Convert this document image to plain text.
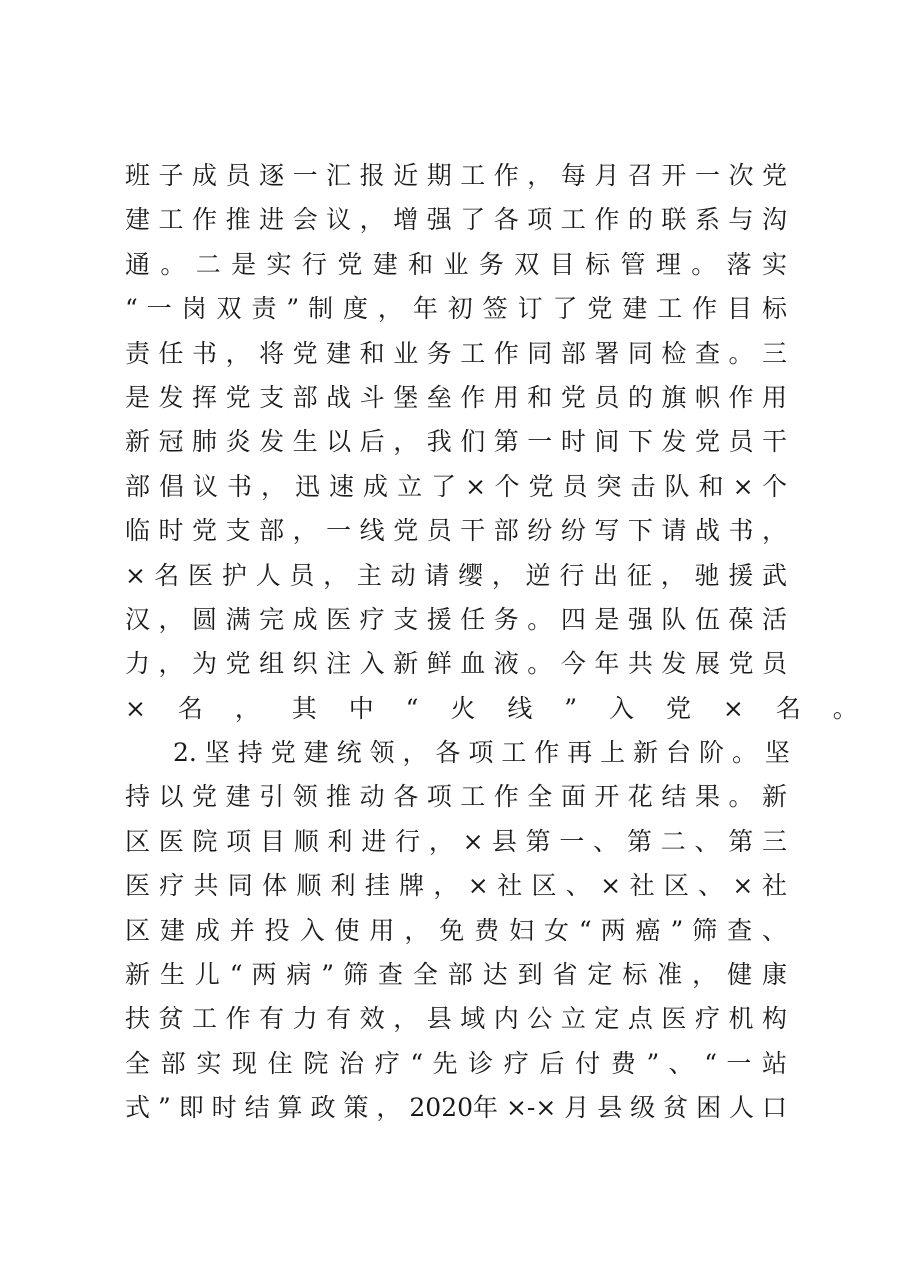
班 子 成 员 逐 一 汇 报 近 期 工 作 ， 每 月 召 开 一 次 党
建 工 作 推 进 会 议 ， 增 强 了 各 项 工 作 的 联 系 与 沟
通 。 二 是 实 行 党 建 和 业 务 双 目 标 管 理 。 落 实
“ 一 岗 双 责 ” 制 度 ， 年 初 签 订 了 党 建 工 作 目 标
责 任 书 ， 将 党 建 和 业 务 工 作 同 部 署 同 检 查 。 三
是 发 挥 党 支 部 战 斗 堡 垒 作 用 和 党 员 的 旗 帜 作 用
新 冠 肺 炎 发 生 以 后 ， 我 们 第 一 时 间 下 发 党 员 干
部 倡 议 书 ， 迅 速 成 立 了 × 个 党 员 突 击 队 和 × 个
临 时 党 支 部 ， 一 线 党 员 干 部 纷 纷 写 下 请 战 书 ，
× 名 医 护 人 员 ， 主 动 请 缨 ， 逆 行 出 征 ， 驰 援 武
汉 ， 圆 满 完 成 医 疗 支 援 任 务 。 四 是 强 队 伍 葆 活
力 ， 为 党 组 织 注 入 新 鲜 血 液 。 今 年 共 发 展 党 员
× 名 ， 其 中 “ 火 线 ” 入 党 × 名 。
2. 坚 持 党 建 统 领 ， 各 项 工 作 再 上 新 台 阶 。 坚
持 以 党 建 引 领 推 动 各 项 工 作 全 面 开 花 结 果 。 新
区 医 院 项 目 顺 利 进 行 ， × 县 第 一 、 第 二 、 第 三
医 疗 共 同 体 顺 利 挂 牌 ， × 社 区 、 × 社 区 、 × 社
区 建 成 并 投 入 使 用 ， 免 费 妇 女 “ 两 癌 ” 筛 查 、
新 生 儿 “ 两 病 ” 筛 查 全 部 达 到 省 定 标 准 ， 健 康
扶 贫 工 作 有 力 有 效 ， 县 域 内 公 立 定 点 医 疗 机 构
全 部 实 现 住 院 治 疗 “ 先 诊 疗 后 付 费 ” 、 “ 一 站
式 ” 即 时 结 算 政 策 ， 2020年 ×-× 月 县 级 贫 困 人 口
